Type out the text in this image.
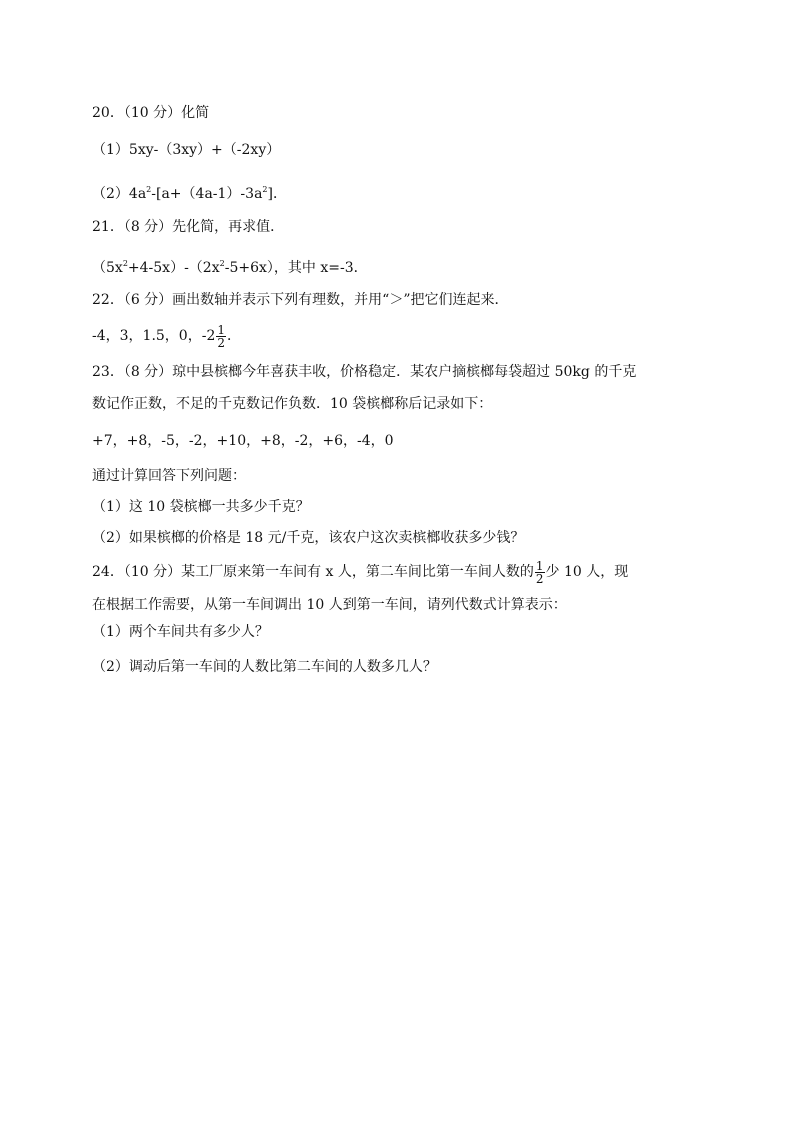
20．（10 分）化简
（1）5xy-（3xy）+（-2xy）
$(2)4a^2-[a+(4a-1)-3a^2]$．
21．（8 分）先化简，再求值．
$(5x^2+4-5x)-(2x^2-5+6x)$，其中 x=-3．
22．（6 分）画出数轴并表示下列有理数，并用“＞”把它们连起来．
-4，3，1.5，0，$-2 \frac{1}{2}$ ．
23．（8 分）琼中县槟榔今年喜获丰收，价格稳定．某农户摘槟榔每袋超过 50kg 的千克
数记作正数，不足的千克数记作负数．10 袋槟榔称后记录如下：
+7，+8，-5，-2，+10，+8，-2，+6，-4，0
通过计算回答下列问题：
（1）这 10 袋槟榔一共多少千克？
（2）如果槟榔的价格是 18 元/千克，该农户这次卖槟榔收获多少钱？
24．（10 分）某工厂原来第一车间有 x 人，第二车间比第一车间人数的 $\frac{1}{2}$ 少 10 人，现
在根据工作需要，从第一车间调出 10 人到第一车间，请列代数式计算表示：
（1）两个车间共有多少人？
（2）调动后第一车间的人数比第二车间的人数多几人？
